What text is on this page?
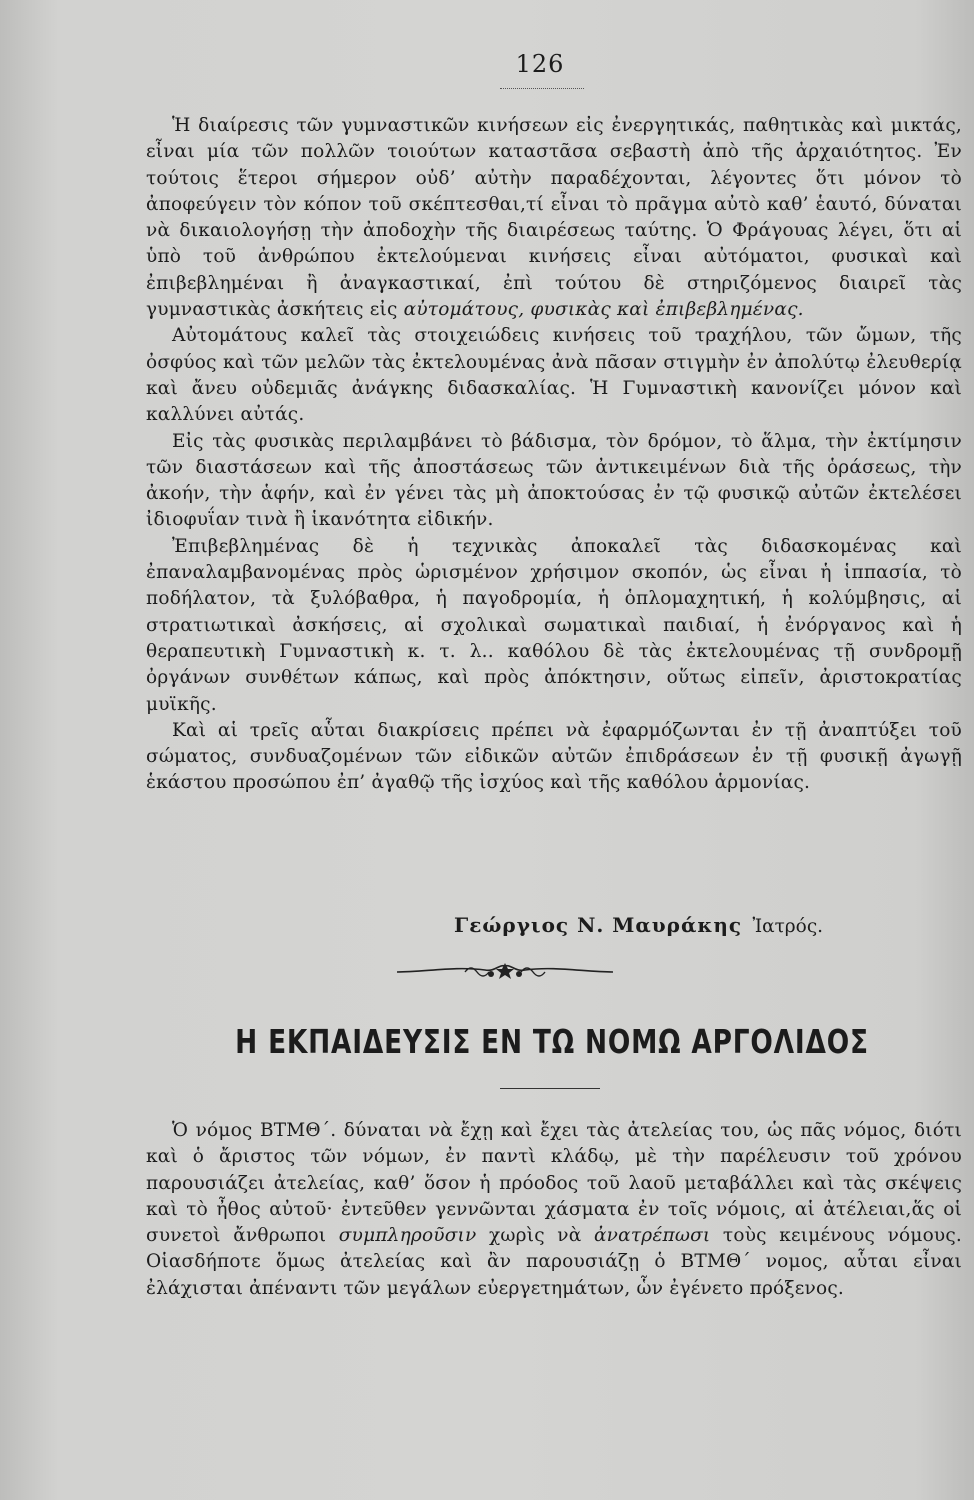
126

Ἡ διαίρεσις τῶν γυμναστικῶν κινήσεων εἰς ἐνεργητικάς, παθητικὰς καὶ μικτάς, εἶναι μία τῶν πολλῶν τοιούτων καταστᾶσα σεβαστὴ ἀπὸ τῆς ἀρχαιότητος. Ἐν τούτοις ἕτεροι σήμερον οὐδ’ αὐτὴν παραδέχονται, λέγοντες ὅτι μόνον τὸ ἀποφεύγειν τὸν κόπον τοῦ σκέπτεσθαι,τί εἶναι τὸ πρᾶγμα αὐτὸ καθ’ ἑαυτό, δύναται νὰ δικαιολογήσῃ τὴν ἀποδοχὴν τῆς διαιρέσεως ταύτης. Ὁ Φράγουας λέγει, ὅτι αἱ ὑπὸ τοῦ ἀνθρώπου ἐκτελούμεναι κινήσεις εἶναι αὐτόματοι, φυσικαὶ καὶ ἐπιβεβλημέναι ἢ ἀναγκαστικαί, ἐπὶ τούτου δὲ στηριζόμενος διαιρεῖ τὰς γυμναστικὰς ἀσκήτεις εἰς αὐτομάτους, φυσικὰς καὶ ἐπιβεβλημένας.

Αὐτομάτους καλεῖ τὰς στοιχειώδεις κινήσεις τοῦ τραχήλου, τῶν ὤμων, τῆς ὀσφύος καὶ τῶν μελῶν τὰς ἐκτελουμένας ἀνὰ πᾶσαν στιγμὴν ἐν ἀπολύτῳ ἐλευθερίᾳ καὶ ἄνευ οὐδεμιᾶς ἀνάγκης διδασκαλίας. Ἡ Γυμναστικὴ κανονίζει μόνον καὶ καλλύνει αὐτάς.

Εἰς τὰς φυσικὰς περιλαμβάνει τὸ βάδισμα, τὸν δρόμον, τὸ ἅλμα, τὴν ἐκτίμησιν τῶν διαστάσεων καὶ τῆς ἀποστάσεως τῶν ἀντικειμένων διὰ τῆς ὁράσεως, τὴν ἀκοήν, τὴν ἁφήν, καὶ ἐν γένει τὰς μὴ ἀποκτούσας ἐν τῷ φυσικῷ αὐτῶν ἐκτελέσει ἰδιοφυΐαν τινὰ ἢ ἱκανότητα εἰδικήν.

Ἐπιβεβλημένας δὲ ἡ τεχνικὰς ἀποκαλεῖ τὰς διδασκομένας καὶ ἐπαναλαμβανομένας πρὸς ὡρισμένον χρήσιμον σκοπόν, ὡς εἶναι ἡ ἱππασία, τὸ ποδήλατον, τὰ ξυλόβαθρα, ἡ παγοδρομία, ἡ ὁπλομαχητική, ἡ κολύμβησις, αἱ στρατιωτικαὶ ἀσκήσεις, αἱ σχολικαὶ σωματικαὶ παιδιαί, ἡ ἐνόργανος καὶ ἡ θεραπευτικὴ Γυμναστικὴ κ. τ. λ.. καθόλου δὲ τὰς ἐκτελουμένας τῇ συνδρομῇ ὀργάνων συνθέτων κάπως, καὶ πρὸς ἀπόκτησιν, οὕτως εἰπεῖν, ἀριστοκρατίας μυϊκῆς.

Καὶ αἱ τρεῖς αὗται διακρίσεις πρέπει νὰ ἐφαρμόζωνται ἐν τῇ ἀναπτύξει τοῦ σώματος, συνδυαζομένων τῶν εἰδικῶν αὐτῶν ἐπιδράσεων ἐν τῇ φυσικῇ ἀγωγῇ ἑκάστου προσώπου ἐπ’ ἀγαθῷ τῆς ἰσχύος καὶ τῆς καθόλου ἁρμονίας.

Γεώργιος Ν. Μαυράκης Ἰατρός.
Η ΕΚΠΑΙΔΕΥΣΙΣ ΕΝ ΤΩ ΝΟΜΩ ΑΡΓΟΛΙΔΟΣ

Ὁ νόμος ΒΤΜΘ΄. δύναται νὰ ἔχῃ καὶ ἔχει τὰς ἀτελείας του, ὡς πᾶς νόμος, διότι καὶ ὁ ἄριστος τῶν νόμων, ἐν παντὶ κλάδῳ, μὲ τὴν παρέλευσιν τοῦ χρόνου παρουσιάζει ἀτελείας, καθ’ ὅσον ἡ πρόοδος τοῦ λαοῦ μεταβάλλει καὶ τὰς σκέψεις καὶ τὸ ἦθος αὐτοῦ· ἐντεῦθεν γεννῶνται χάσματα ἐν τοῖς νόμοις, αἱ ἀτέλειαι,ἅς οἱ συνετοὶ ἄνθρωποι συμπληροῦσιν χωρὶς νὰ ἀνατρέπωσι τοὺς κειμένους νόμους. Οἱασδήποτε ὅμως ἀτελείας καὶ ἂν παρουσιάζῃ ὁ ΒΤΜΘ΄ νομος, αὗται εἶναι ἐλάχισται ἀπέναντι τῶν μεγάλων εὐεργετημάτων, ὧν ἐγένετο πρόξενος.
